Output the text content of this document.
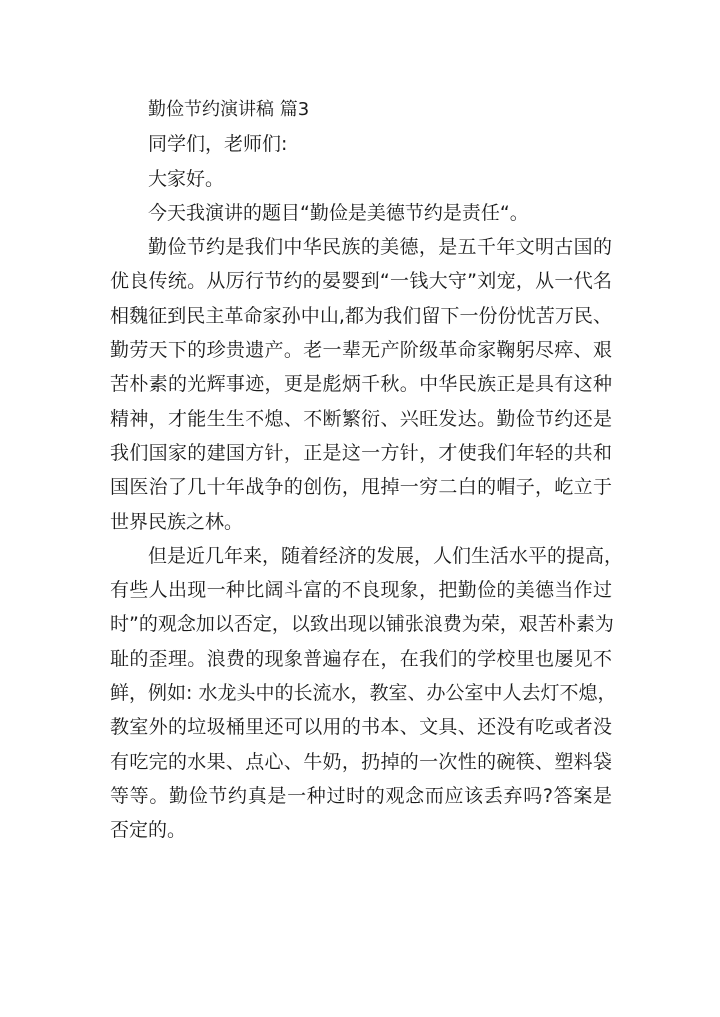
勤俭节约演讲稿 篇3
同学们，老师们:
大家好。
今天我演讲的题目“勤俭是美德节约是责任“。
勤俭节约是我们中华民族的美德，是五千年文明古国的
优良传统。从厉行节约的晏婴到“一钱大守”刘宠，从一代名
相魏征到民主革命家孙中山,都为我们留下一份份忧苦万民、
勤劳天下的珍贵遗产。老一辈无产阶级革命家鞠躬尽瘁、艰
苦朴素的光辉事迹，更是彪炳千秋。中华民族正是具有这种
精神，才能生生不熄、不断繁衍、兴旺发达。勤俭节约还是
我们国家的建国方针，正是这一方针，才使我们年轻的共和
国医治了几十年战争的创伤，甩掉一穷二白的帽子，屹立于
世界民族之林。
但是近几年来，随着经济的发展，人们生活水平的提高，
有些人出现一种比阔斗富的不良现象，把勤俭的美德当作过
时”的观念加以否定，以致出现以铺张浪费为荣，艰苦朴素为
耻的歪理。浪费的现象普遍存在，在我们的学校里也屡见不
鲜，例如: 水龙头中的长流水，教室、办公室中人去灯不熄，
教室外的垃圾桶里还可以用的书本、文具、还没有吃或者没
有吃完的水果、点心、牛奶，扔掉的一次性的碗筷、塑料袋
等等。勤俭节约真是一种过时的观念而应该丢弃吗?答案是
否定的。
